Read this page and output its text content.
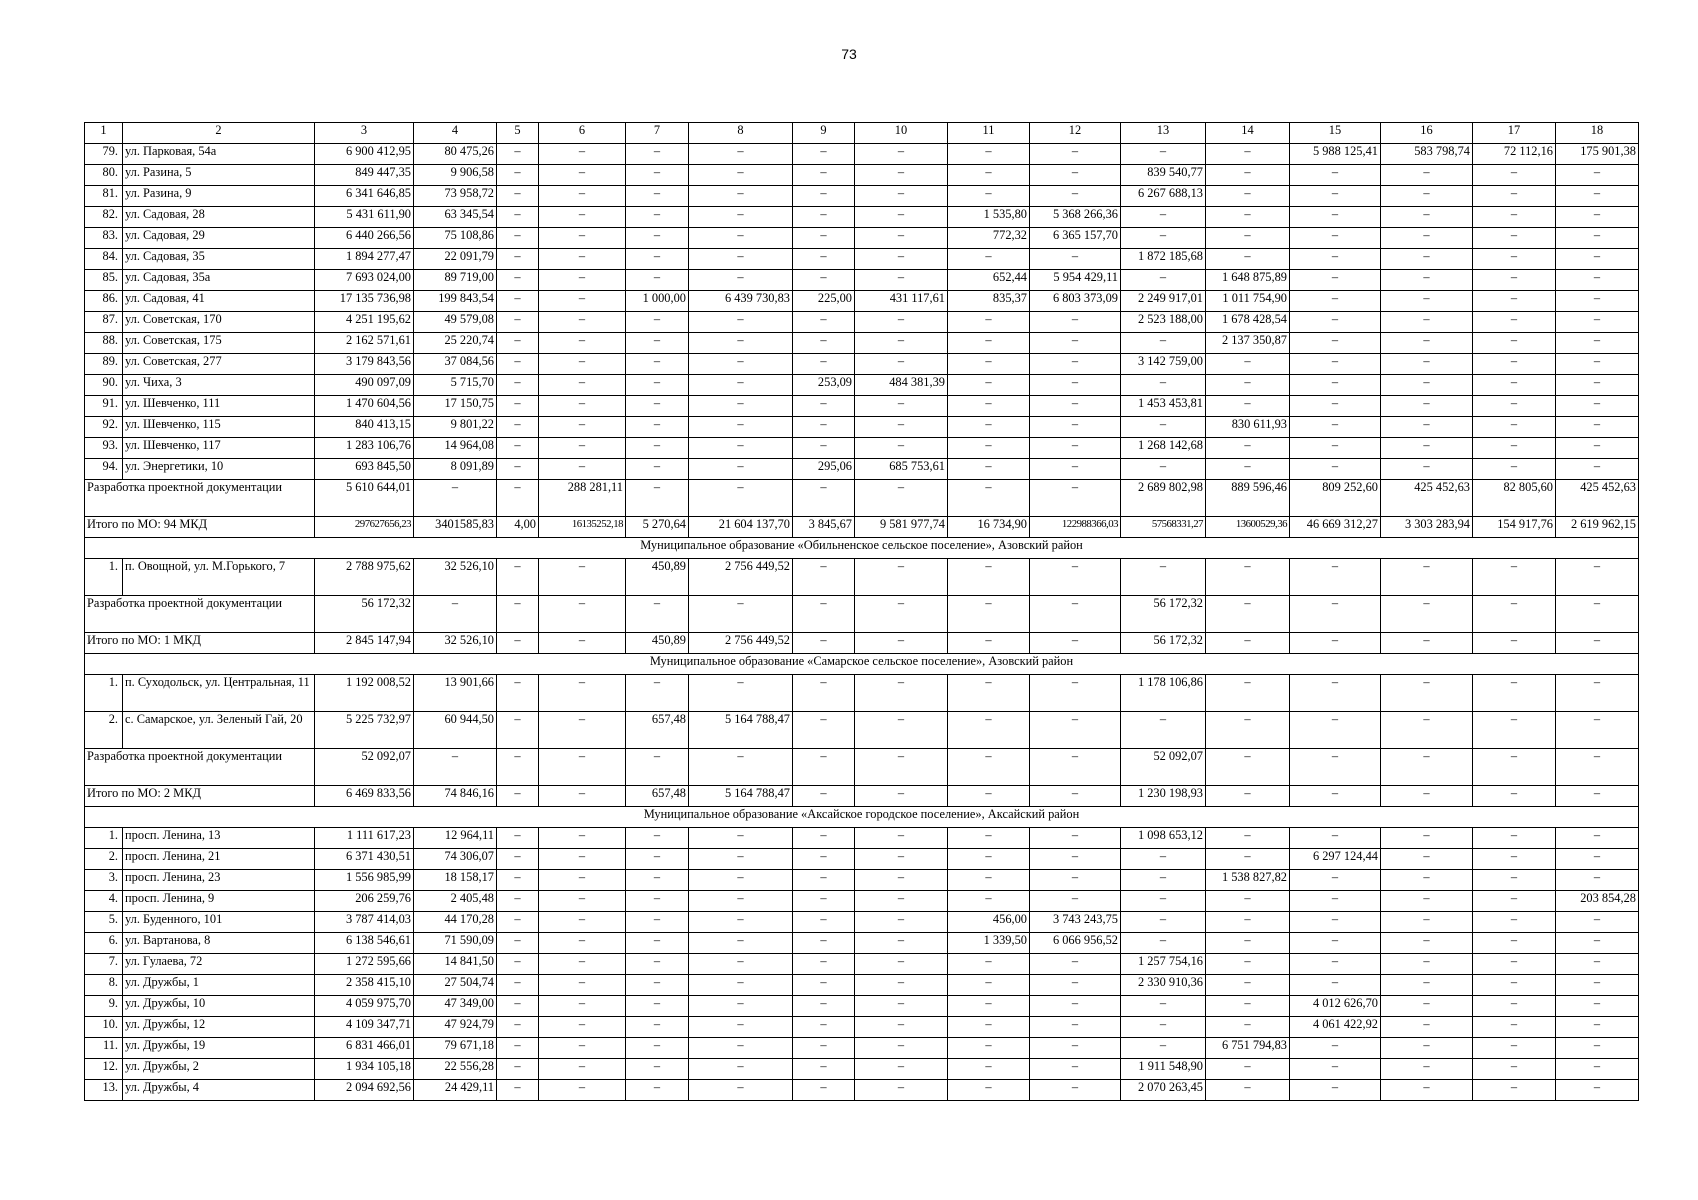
73
1	2	3	4	5	6	7	8	9	10	11	12	13	14	15	16	17	18
79.	ул. Парковая, 54а	6 900 412,95	80 475,26	–	–	–	–	–	–	–	–	–	–	5 988 125,41	583 798,74	72 112,16	175 901,38
80.	ул. Разина, 5	849 447,35	9 906,58	–	–	–	–	–	–	–	–	839 540,77	–	–	–	–	–
81.	ул. Разина, 9	6 341 646,85	73 958,72	–	–	–	–	–	–	–	–	6 267 688,13	–	–	–	–	–
82.	ул. Садовая, 28	5 431 611,90	63 345,54	–	–	–	–	–	–	1 535,80	5 368 266,36	–	–	–	–	–	–
83.	ул. Садовая, 29	6 440 266,56	75 108,86	–	–	–	–	–	–	772,32	6 365 157,70	–	–	–	–	–	–
84.	ул. Садовая, 35	1 894 277,47	22 091,79	–	–	–	–	–	–	–	–	1 872 185,68	–	–	–	–	–
85.	ул. Садовая, 35а	7 693 024,00	89 719,00	–	–	–	–	–	–	652,44	5 954 429,11	–	1 648 875,89	–	–	–	–
86.	ул. Садовая, 41	17 135 736,98	199 843,54	–	–	1 000,00	6 439 730,83	225,00	431 117,61	835,37	6 803 373,09	2 249 917,01	1 011 754,90	–	–	–	–
87.	ул. Советская, 170	4 251 195,62	49 579,08	–	–	–	–	–	–	–	–	2 523 188,00	1 678 428,54	–	–	–	–
88.	ул. Советская, 175	2 162 571,61	25 220,74	–	–	–	–	–	–	–	–	–	2 137 350,87	–	–	–	–
89.	ул. Советская, 277	3 179 843,56	37 084,56	–	–	–	–	–	–	–	–	3 142 759,00	–	–	–	–	–
90.	ул. Чиха, 3	490 097,09	5 715,70	–	–	–	–	253,09	484 381,39	–	–	–	–	–	–	–	–
91.	ул. Шевченко, 111	1 470 604,56	17 150,75	–	–	–	–	–	–	–	–	1 453 453,81	–	–	–	–	–
92.	ул. Шевченко, 115	840 413,15	9 801,22	–	–	–	–	–	–	–	–	–	830 611,93	–	–	–	–
93.	ул. Шевченко, 117	1 283 106,76	14 964,08	–	–	–	–	–	–	–	–	1 268 142,68	–	–	–	–	–
94.	ул. Энергетики, 10	693 845,50	8 091,89	–	–	–	–	295,06	685 753,61	–	–	–	–	–	–	–	–
Разработка проектной документации		5 610 644,01	–	–	288 281,11	–	–	–	–	–	–	2 689 802,98	889 596,46	809 252,60	425 452,63	82 805,60	425 452,63
Итого по МО: 94 МКД		297627656,23	3401585,83	4,00	16135252,18	5 270,64	21 604 137,70	3 845,67	9 581 977,74	16 734,90	122988366,03	57568331,27	13600529,36	46 669 312,27	3 303 283,94	154 917,76	2 619 962,15
Муниципальное образование «Обильненское сельское поселение», Азовский район																	
1.	п. Овощной, ул. М.Горького, 7	2 788 975,62	32 526,10	–	–	450,89	2 756 449,52	–	–	–	–	–	–	–	–	–	–
Разработка проектной документации		56 172,32	–	–	–	–	–	–	–	–	–	56 172,32	–	–	–	–	–
Итого по МО: 1 МКД		2 845 147,94	32 526,10	–	–	450,89	2 756 449,52	–	–	–	–	56 172,32	–	–	–	–	–
Муниципальное образование «Самарское сельское поселение», Азовский район																	
1.	п. Суходольск, ул. Центральная, 11	1 192 008,52	13 901,66	–	–	–	–	–	–	–	–	1 178 106,86	–	–	–	–	–
2.	с. Самарское, ул. Зеленый Гай, 20	5 225 732,97	60 944,50	–	–	657,48	5 164 788,47	–	–	–	–	–	–	–	–	–	–
Разработка проектной документации		52 092,07	–	–	–	–	–	–	–	–	–	52 092,07	–	–	–	–	–
Итого по МО: 2 МКД		6 469 833,56	74 846,16	–	–	657,48	5 164 788,47	–	–	–	–	1 230 198,93	–	–	–	–	–
Муниципальное образование «Аксайское городское поселение», Аксайский район																	
1.	просп. Ленина, 13	1 111 617,23	12 964,11	–	–	–	–	–	–	–	–	1 098 653,12	–	–	–	–	–
2.	просп. Ленина, 21	6 371 430,51	74 306,07	–	–	–	–	–	–	–	–	–	–	6 297 124,44	–	–	–
3.	просп. Ленина, 23	1 556 985,99	18 158,17	–	–	–	–	–	–	–	–	–	1 538 827,82	–	–	–	–
4.	просп. Ленина, 9	206 259,76	2 405,48	–	–	–	–	–	–	–	–	–	–	–	–	–	203 854,28
5.	ул. Буденного, 101	3 787 414,03	44 170,28	–	–	–	–	–	–	456,00	3 743 243,75	–	–	–	–	–	–
6.	ул. Вартанова, 8	6 138 546,61	71 590,09	–	–	–	–	–	–	1 339,50	6 066 956,52	–	–	–	–	–	–
7.	ул. Гулаева, 72	1 272 595,66	14 841,50	–	–	–	–	–	–	–	–	1 257 754,16	–	–	–	–	–
8.	ул. Дружбы, 1	2 358 415,10	27 504,74	–	–	–	–	–	–	–	–	2 330 910,36	–	–	–	–	–
9.	ул. Дружбы, 10	4 059 975,70	47 349,00	–	–	–	–	–	–	–	–	–	–	4 012 626,70	–	–	–
10.	ул. Дружбы, 12	4 109 347,71	47 924,79	–	–	–	–	–	–	–	–	–	–	4 061 422,92	–	–	–
11.	ул. Дружбы, 19	6 831 466,01	79 671,18	–	–	–	–	–	–	–	–	–	6 751 794,83	–	–	–	–
12.	ул. Дружбы, 2	1 934 105,18	22 556,28	–	–	–	–	–	–	–	–	1 911 548,90	–	–	–	–	–
13.	ул. Дружбы, 4	2 094 692,56	24 429,11	–	–	–	–	–	–	–	–	2 070 263,45	–	–	–	–	–
